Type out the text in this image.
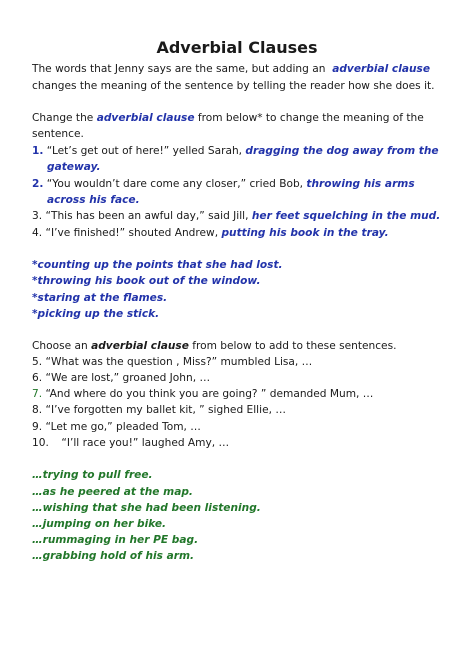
Adverbial Clauses
The words that Jenny says are the same, but adding an adverbial clause
changes the meaning of the sentence by telling the reader how she does it.
Change the adverbial clause from below* to change the meaning of the
sentence.
1. “Let’s get out of here!” yelled Sarah, dragging the dog away from the
gateway.
2. “You wouldn’t dare come any closer,” cried Bob, throwing his arms
across his face.
3. “This has been an awful day,” said Jill, her feet squelching in the mud.
4. “I’ve finished!” shouted Andrew, putting his book in the tray.
*counting up the points that she had lost.
*throwing his book out of the window.
*staring at the flames.
*picking up the stick.
Choose an adverbial clause from below to add to these sentences.
5. “What was the question , Miss?” mumbled Lisa, …
6. “We are lost,” groaned John, …
7. “And where do you think you are going? ” demanded Mum, …
8. “I’ve forgotten my ballet kit, ” sighed Ellie, …
9. “Let me go,” pleaded Tom, …
10. “I’ll race you!” laughed Amy, …
…trying to pull free.
…as he peered at the map.
…wishing that she had been listening.
…jumping on her bike.
…rummaging in her PE bag.
…grabbing hold of his arm.
